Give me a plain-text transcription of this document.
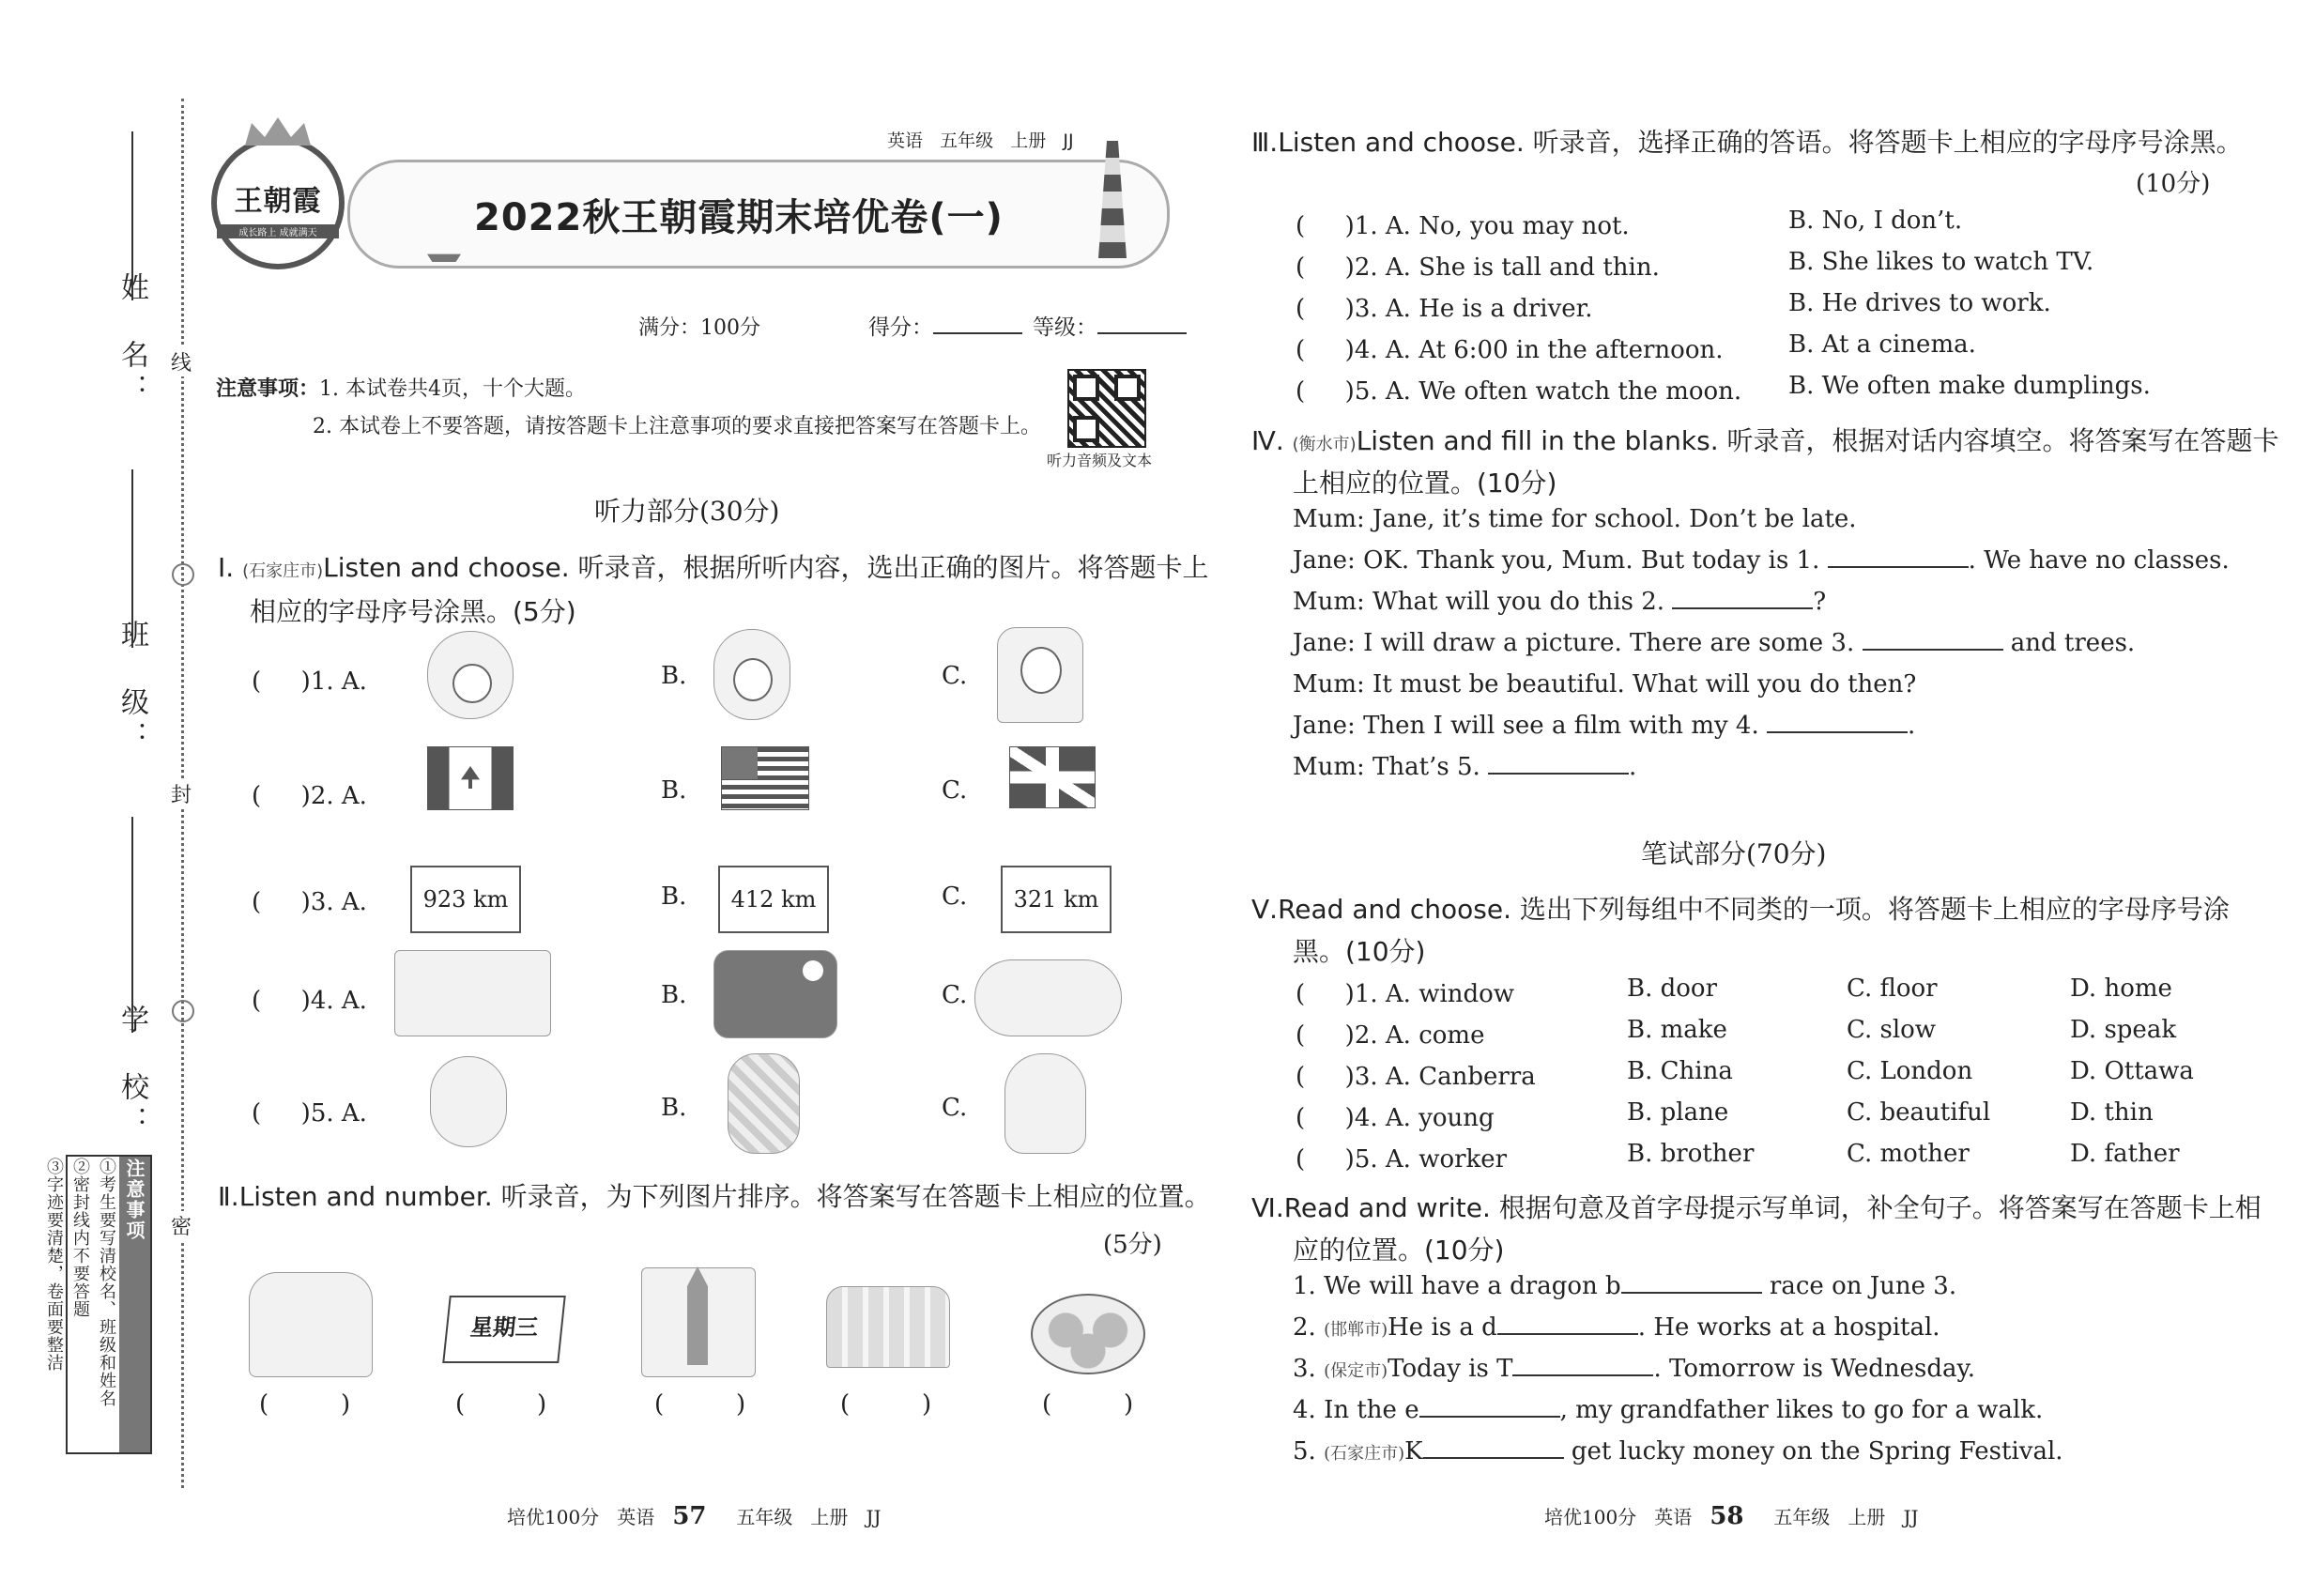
姓　名：
班　级：
学　校：
线
封
密
注意事项
①考生要写清校名、班级和姓名
②密封线内不要答题
③字迹要清楚，卷面要整洁
王朝霞
成长路上 成就满天
英语 五年级 上册 JJ
2022秋王朝霞期末培优卷(一)
满分：100分	得分：	等级：
注意事项：1. 本试卷共4页，十个大题。
2. 本试卷上不要答题，请按答题卡上注意事项的要求直接把答案写在答题卡上。
听力音频及文本
听力部分(30分)
Ⅰ. (石家庄市)Listen and choose. 听录音，根据所听内容，选出正确的图片。将答题卡上
相应的字母序号涂黑。(5分)
( 　 )1. A.	B.	C.
( 　 )2. A.	B.	C.
( 　 )3. A.	923 km	B.	412 km	C.	321 km
( 　 )4. A.	B.	C.
( 　 )5. A.	B.	C.
Ⅱ.Listen and number. 听录音，为下列图片排序。将答案写在答题卡上相应的位置。
(5分)
星期三
( 　 　 )	( 　 　 )	( 　 　 )	( 　 　 )	( 　 　 )
培优100分 英语 57 五年级 上册 JJ
Ⅲ.Listen and choose. 听录音，选择正确的答语。将答题卡上相应的字母序号涂黑。
(10分)
( 　 )1. A. No, you may not.	B. No, I don’t.
( 　 )2. A. She is tall and thin.	B. She likes to watch TV.
( 　 )3. A. He is a driver.	B. He drives to work.
( 　 )4. A. At 6:00 in the afternoon.	B. At a cinema.
( 　 )5. A. We often watch the moon. B. We often make dumplings.
Ⅳ. (衡水市)Listen and fill in the blanks. 听录音，根据对话内容填空。将答案写在答题卡
上相应的位置。(10分)
Mum: Jane, it’s time for school. Don’t be late.
Jane: OK. Thank you, Mum. But today is 1.	. We have no classes.
Mum: What will you do this 2.	?
Jane: I will draw a picture. There are some 3.	and trees.
Mum: It must be beautiful. What will you do then?
Jane: Then I will see a film with my 4.	.
Mum: That’s 5.	.
笔试部分(70分)
Ⅴ.Read and choose. 选出下列每组中不同类的一项。将答题卡上相应的字母序号涂
黑。(10分)
( 　 )1. A. window	B. door	C. floor	D. home
( 　 )2. A. come	B. make	C. slow	D. speak
( 　 )3. A. Canberra	B. China	C. London	D. Ottawa
( 　 )4. A. young	B. plane	C. beautiful	D. thin
( 　 )5. A. worker	B. brother	C. mother	D. father
Ⅵ.Read and write. 根据句意及首字母提示写单词，补全句子。将答案写在答题卡上相
应的位置。(10分)
1. We will have a dragon b	race on June 3.
2. (邯郸市)He is a d	. He works at a hospital.
3. (保定市)Today is T	. Tomorrow is Wednesday.
4. In the e	, my grandfather likes to go for a walk.
5. (石家庄市)K	get lucky money on the Spring Festival.
培优100分 英语 58 五年级 上册 JJ
